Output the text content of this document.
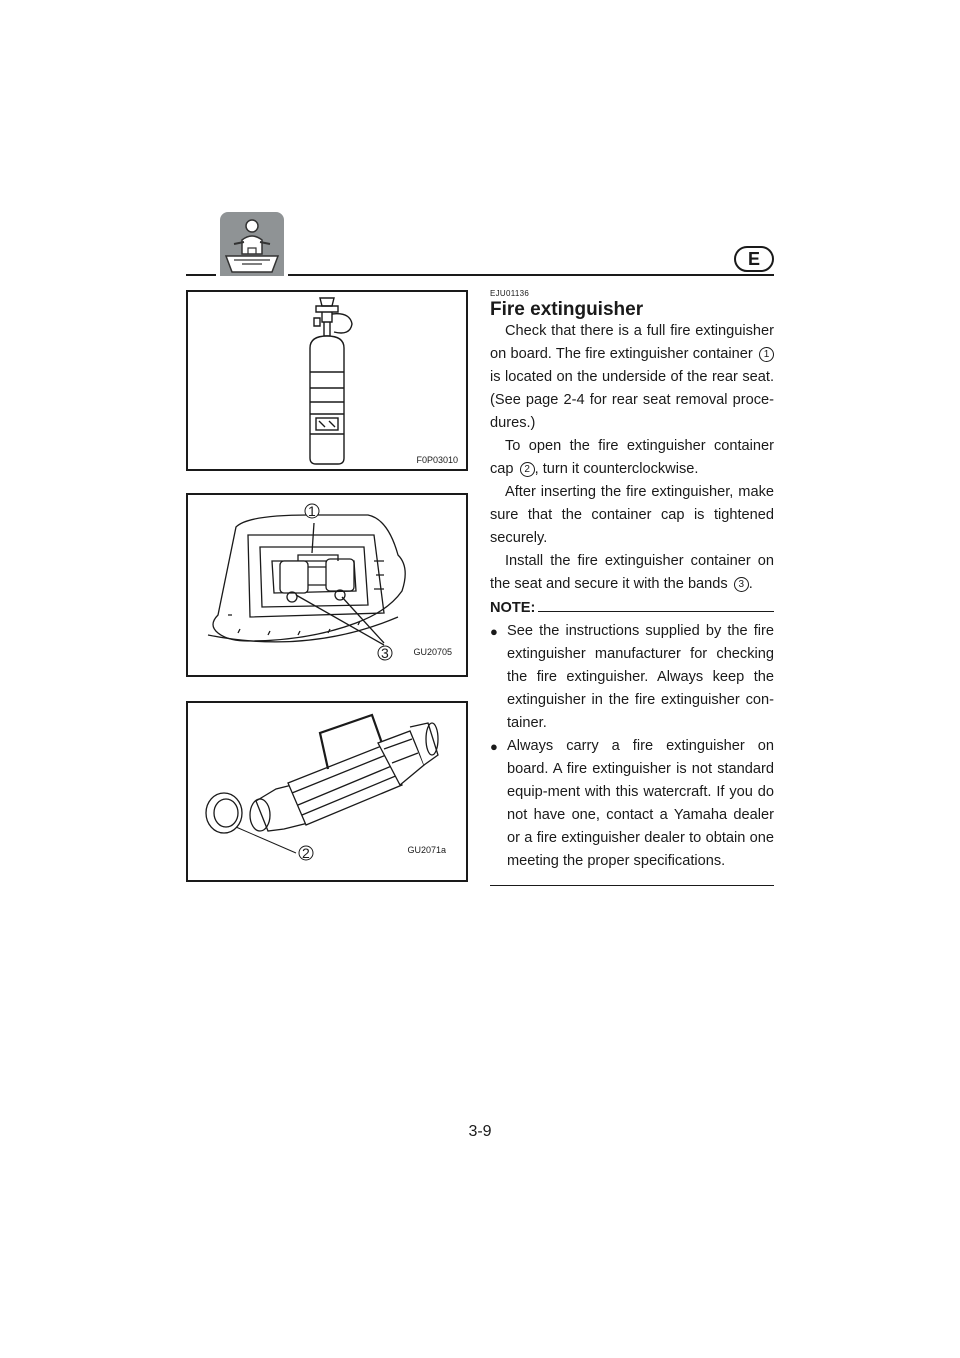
E
F0P03010
1
3	GU20705
2	GU2071a
EJU01136
Fire extinguisher

Check that there is a full fire extinguisher on board. The fire extinguisher container 1 is located on the underside of the rear seat. (See page 2-4 for rear seat removal proce-dures.)

To open the fire extinguisher container cap 2 , turn it counterclockwise.

After inserting the fire extinguisher, make sure that the container cap is tightened securely.

Install the fire extinguisher container on the seat and secure it with the bands 3 .

NOTE:

● See the instructions supplied by the fire extinguisher manufacturer for checking the fire extinguisher. Always keep the extinguisher in the fire extinguisher con-tainer.

● Always carry a fire extinguisher on board. A fire extinguisher is not standard equip-ment with this watercraft. If you do not have one, contact a Yamaha dealer or a fire extinguisher dealer to obtain one meeting the proper specifications.

3-9
